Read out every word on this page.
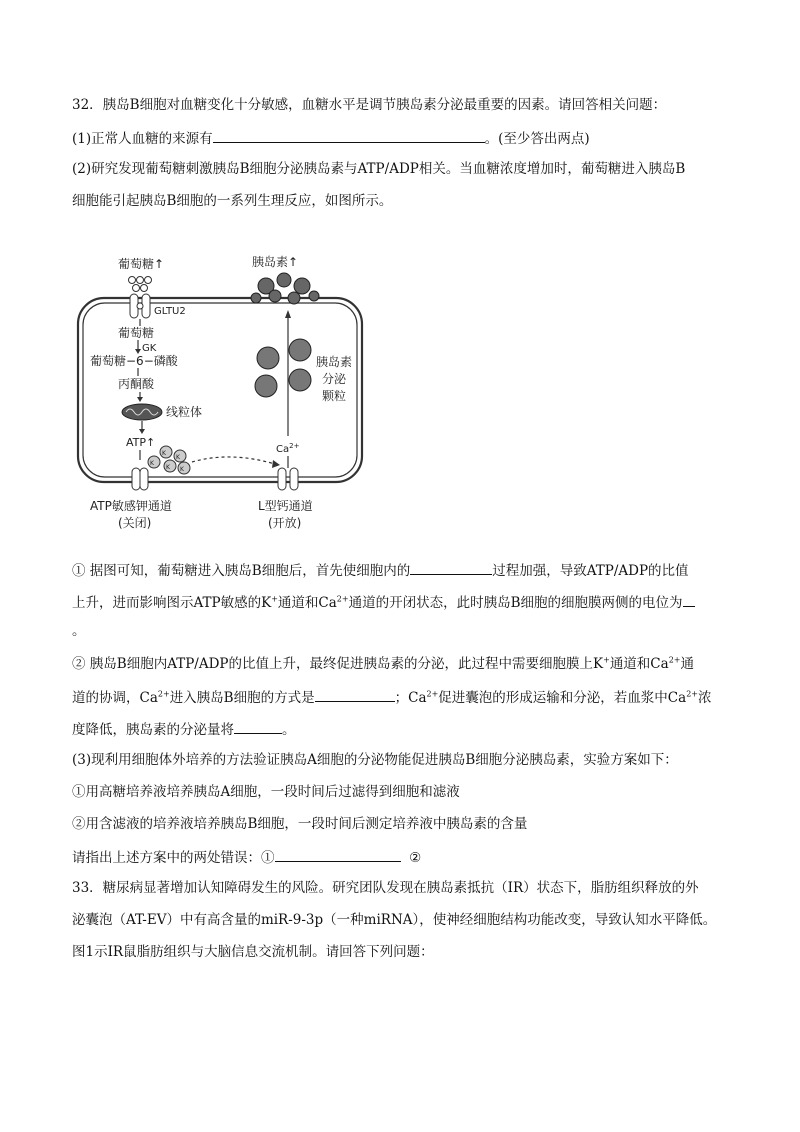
32．胰岛B细胞对血糖变化十分敏感，血糖水平是调节胰岛素分泌最重要的因素。请回答相关问题：
(1)正常人血糖的来源有	。(至少答出两点)
(2)研究发现葡萄糖刺激胰岛B细胞分泌胰岛素与ATP/ADP相关。当血糖浓度增加时，葡萄糖进入胰岛B
细胞能引起胰岛B细胞的一系列生理反应，如图所示。
葡萄糖↑
GLTU2
葡萄糖
GK
葡萄糖−6−磷酸
丙酮酸
线粒体
ATP↑
K
K
K
K K
ATP敏感钾通道
(关闭)
L型钙通道
(开放)
$Ca^{2+}$
胰岛素↑
胰岛素
分泌
颗粒
① 据图可知，葡萄糖进入胰岛B细胞后，首先使细胞内的	过程加强，导致ATP/ADP的比值
上升，进而影响图示ATP敏感的K+通道和$Ca^{2+}$通道的开闭状态，此时胰岛B细胞的细胞膜两侧的电位为
。
② 胰岛B细胞内ATP/ADP的比值上升，最终促进胰岛素的分泌，此过程中需要细胞膜上K+通道和$Ca^{2+}$通
道的协调，$Ca^{2+}$进入胰岛B细胞的方式是	；$Ca^{2+}$促进囊泡的形成运输和分泌，若血浆中$Ca^{2+}$浓
度降低，胰岛素的分泌量将	。
(3)现利用细胞体外培养的方法验证胰岛A细胞的分泌物能促进胰岛B细胞分泌胰岛素，实验方案如下：
①用高糖培养液培养胰岛A细胞，一段时间后过滤得到细胞和滤液
②用含滤液的培养液培养胰岛B细胞，一段时间后测定培养液中胰岛素的含量
请指出上述方案中的两处错误：①	②
33．糖尿病显著增加认知障碍发生的风险。研究团队发现在胰岛素抵抗（IR）状态下，脂肪组织释放的外
泌囊泡（AT-EV）中有高含量的miR-9-3p（一种miRNA），使神经细胞结构功能改变，导致认知水平降低。
图1示IR鼠脂肪组织与大脑信息交流机制。请回答下列问题：
